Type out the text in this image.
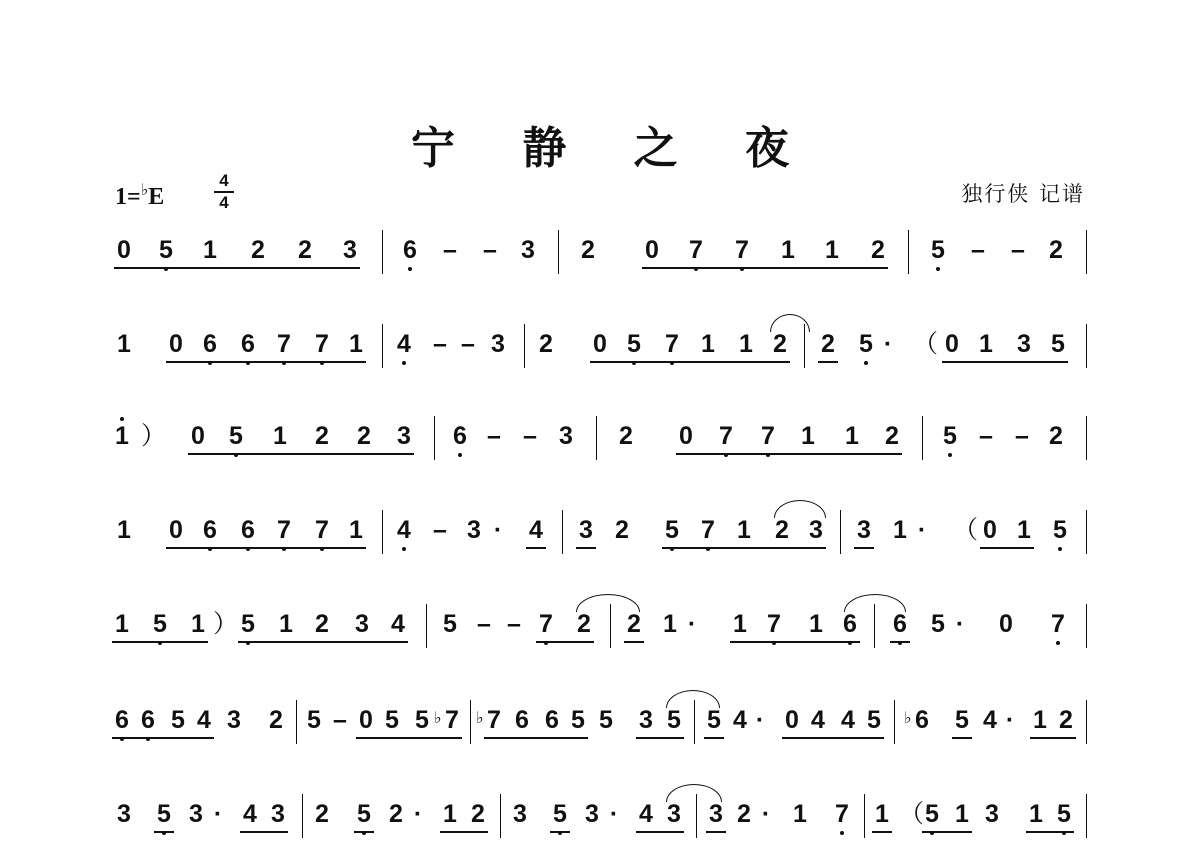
宁 静 之 夜
1=♭E
4
4	独行侠 记谱
0 5 1 2 2 3 6 – – 3 2 0 7 7 1 1 2 5 – – 2
1 0 6 6 7 7 1 4 – – 3 2 0 5 7 1 1 2 2 5 · （ 0 1 3 5
1 ） 0 5 1 2 2 3 6 – – 3 2 0 7 7 1 1 2 5 – – 2
1 0 6 6 7 7 1 4 – 3 · 4 3 2 5 7 1 2 3 3 1 · （ 0 1 5
1 5 1 ） 5 1 2 3 4 5 – – 7 2 2 1 · 1 7 1 6 6 5 · 0 7
6 6 5 4 3 2 5 – 0 5 5 7
♭ 7
♭ 6 6 5 5 3 5 5 4 · 0 4 4 5 6
♭ 5 4 · 1 2
3 5 3 · 4 3 2 5 2 · 1 2 3 5 3 · 4 3 3 2 · 1 7 1 （ 5 1 3 1 5
